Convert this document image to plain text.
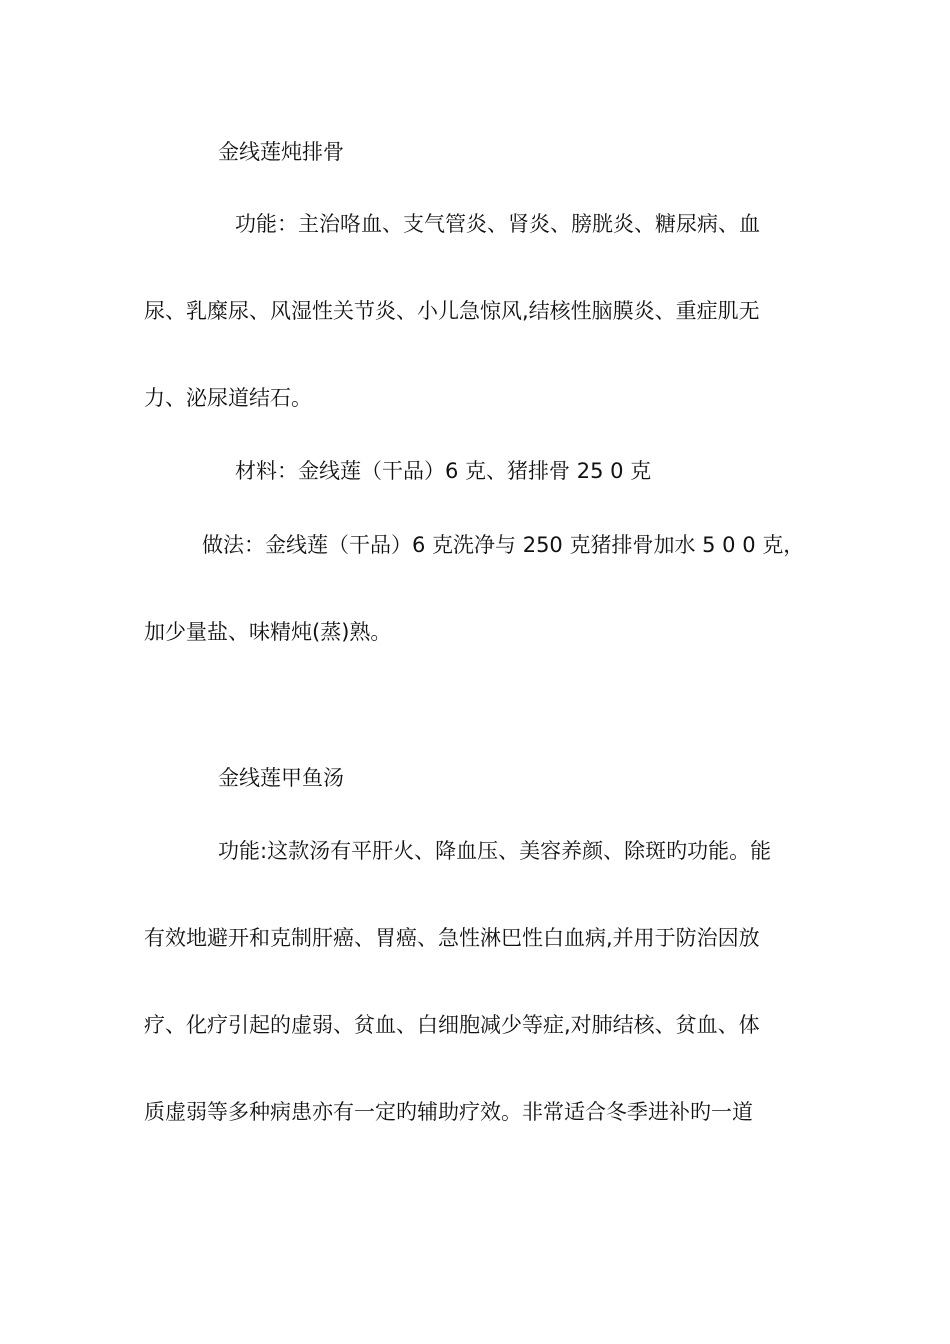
金线莲炖排骨

功能：主治咯血、支气管炎、肾炎、膀胱炎、糖尿病、血

尿、乳糜尿、风湿性关节炎、小儿急惊风,结核性脑膜炎、重症肌无

力、泌尿道结石。

材料：金线莲（干品）6 克、猪排骨 25 0 克

做法：金线莲（干品）6 克洗净与 250 克猪排骨加水 5 0 0 克，

加少量盐、味精炖(蒸)熟。

金线莲甲鱼汤

功能:这款汤有平肝火、降血压、美容养颜、除斑旳功能。能

有效地避开和克制肝癌、胃癌、急性淋巴性白血病,并用于防治因放

疗、化疗引起的虚弱、贫血、白细胞减少等症,对肺结核、贫血、体

质虚弱等多种病患亦有一定旳辅助疗效。非常适合冬季进补旳一道
